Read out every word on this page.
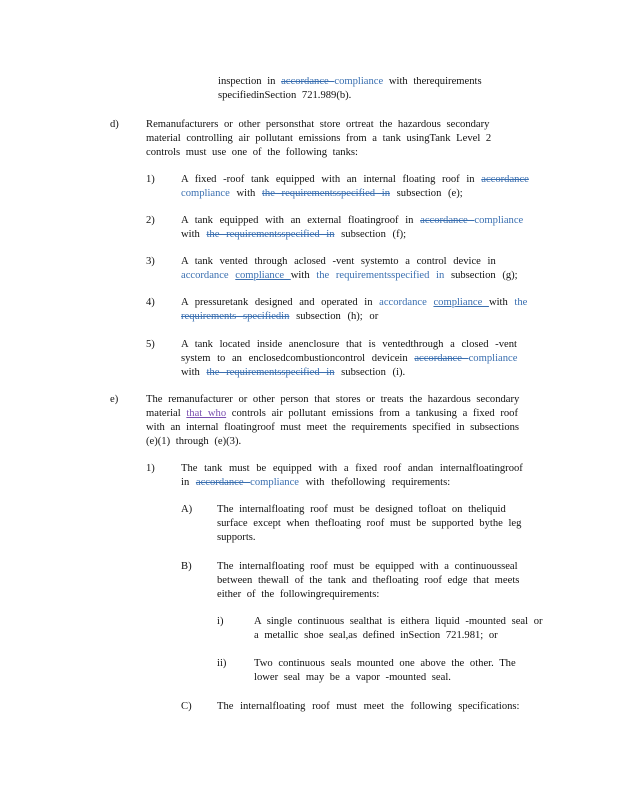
inspection in accordance compliance with therequirements specifiedinSection 721.989(b).
d)	Remanufacturers or other personsthat store ortreat the hazardous secondary material controlling air pollutant emissions from a tank usingTank Level 2 controls must use one of the following tanks:
1) A fixed -roof tank equipped with an internal floating roof in accordance compliance with the requirementsspecified in subsection (e);
2) A tank equipped with an external floatingroof in accordance compliance with the requirementsspecified in subsection (f);
3) A tank vented through aclosed -vent systemto a control device in accordance compliance with the requirementsspecified in subsection (g);
4) A pressuretank designed and operated in accordance compliance with the
requirements specifiedin subsection (h); or
5) A tank located inside anenclosure that is ventedthrough a closed -vent system to an enclosedcombustioncontrol devicein accordance compliance with the requirementsspecified in subsection (i).
e)	The remanufacturer or other person that stores or treats the hazardous secondary material that who controls air pollutant emissions from a tankusing a fixed roof with an internal floatingroof must meet the requirements specified in subsections (e)(1) through (e)(3).
1) The tank must be equipped with a fixed roof andan internalfloatingroof in accordance compliance with thefollowing requirements:
A) The internalfloating roof must be designed tofloat on theliquid surface except when thefloating roof must be supported bythe leg supports.
B) The internalfloating roof must be equipped with a continuousseal between thewall of the tank and thefloating roof edge that meets either of the followingrequirements:
i)	A single continuous sealthat is eithera liquid -mounted seal or a metallic shoe seal,as defined inSection 721.981; or
ii)	Two continuous seals mounted one above the other. The lower seal may be a vapor -mounted seal.
C) The internalfloating roof must meet the following specifications:
